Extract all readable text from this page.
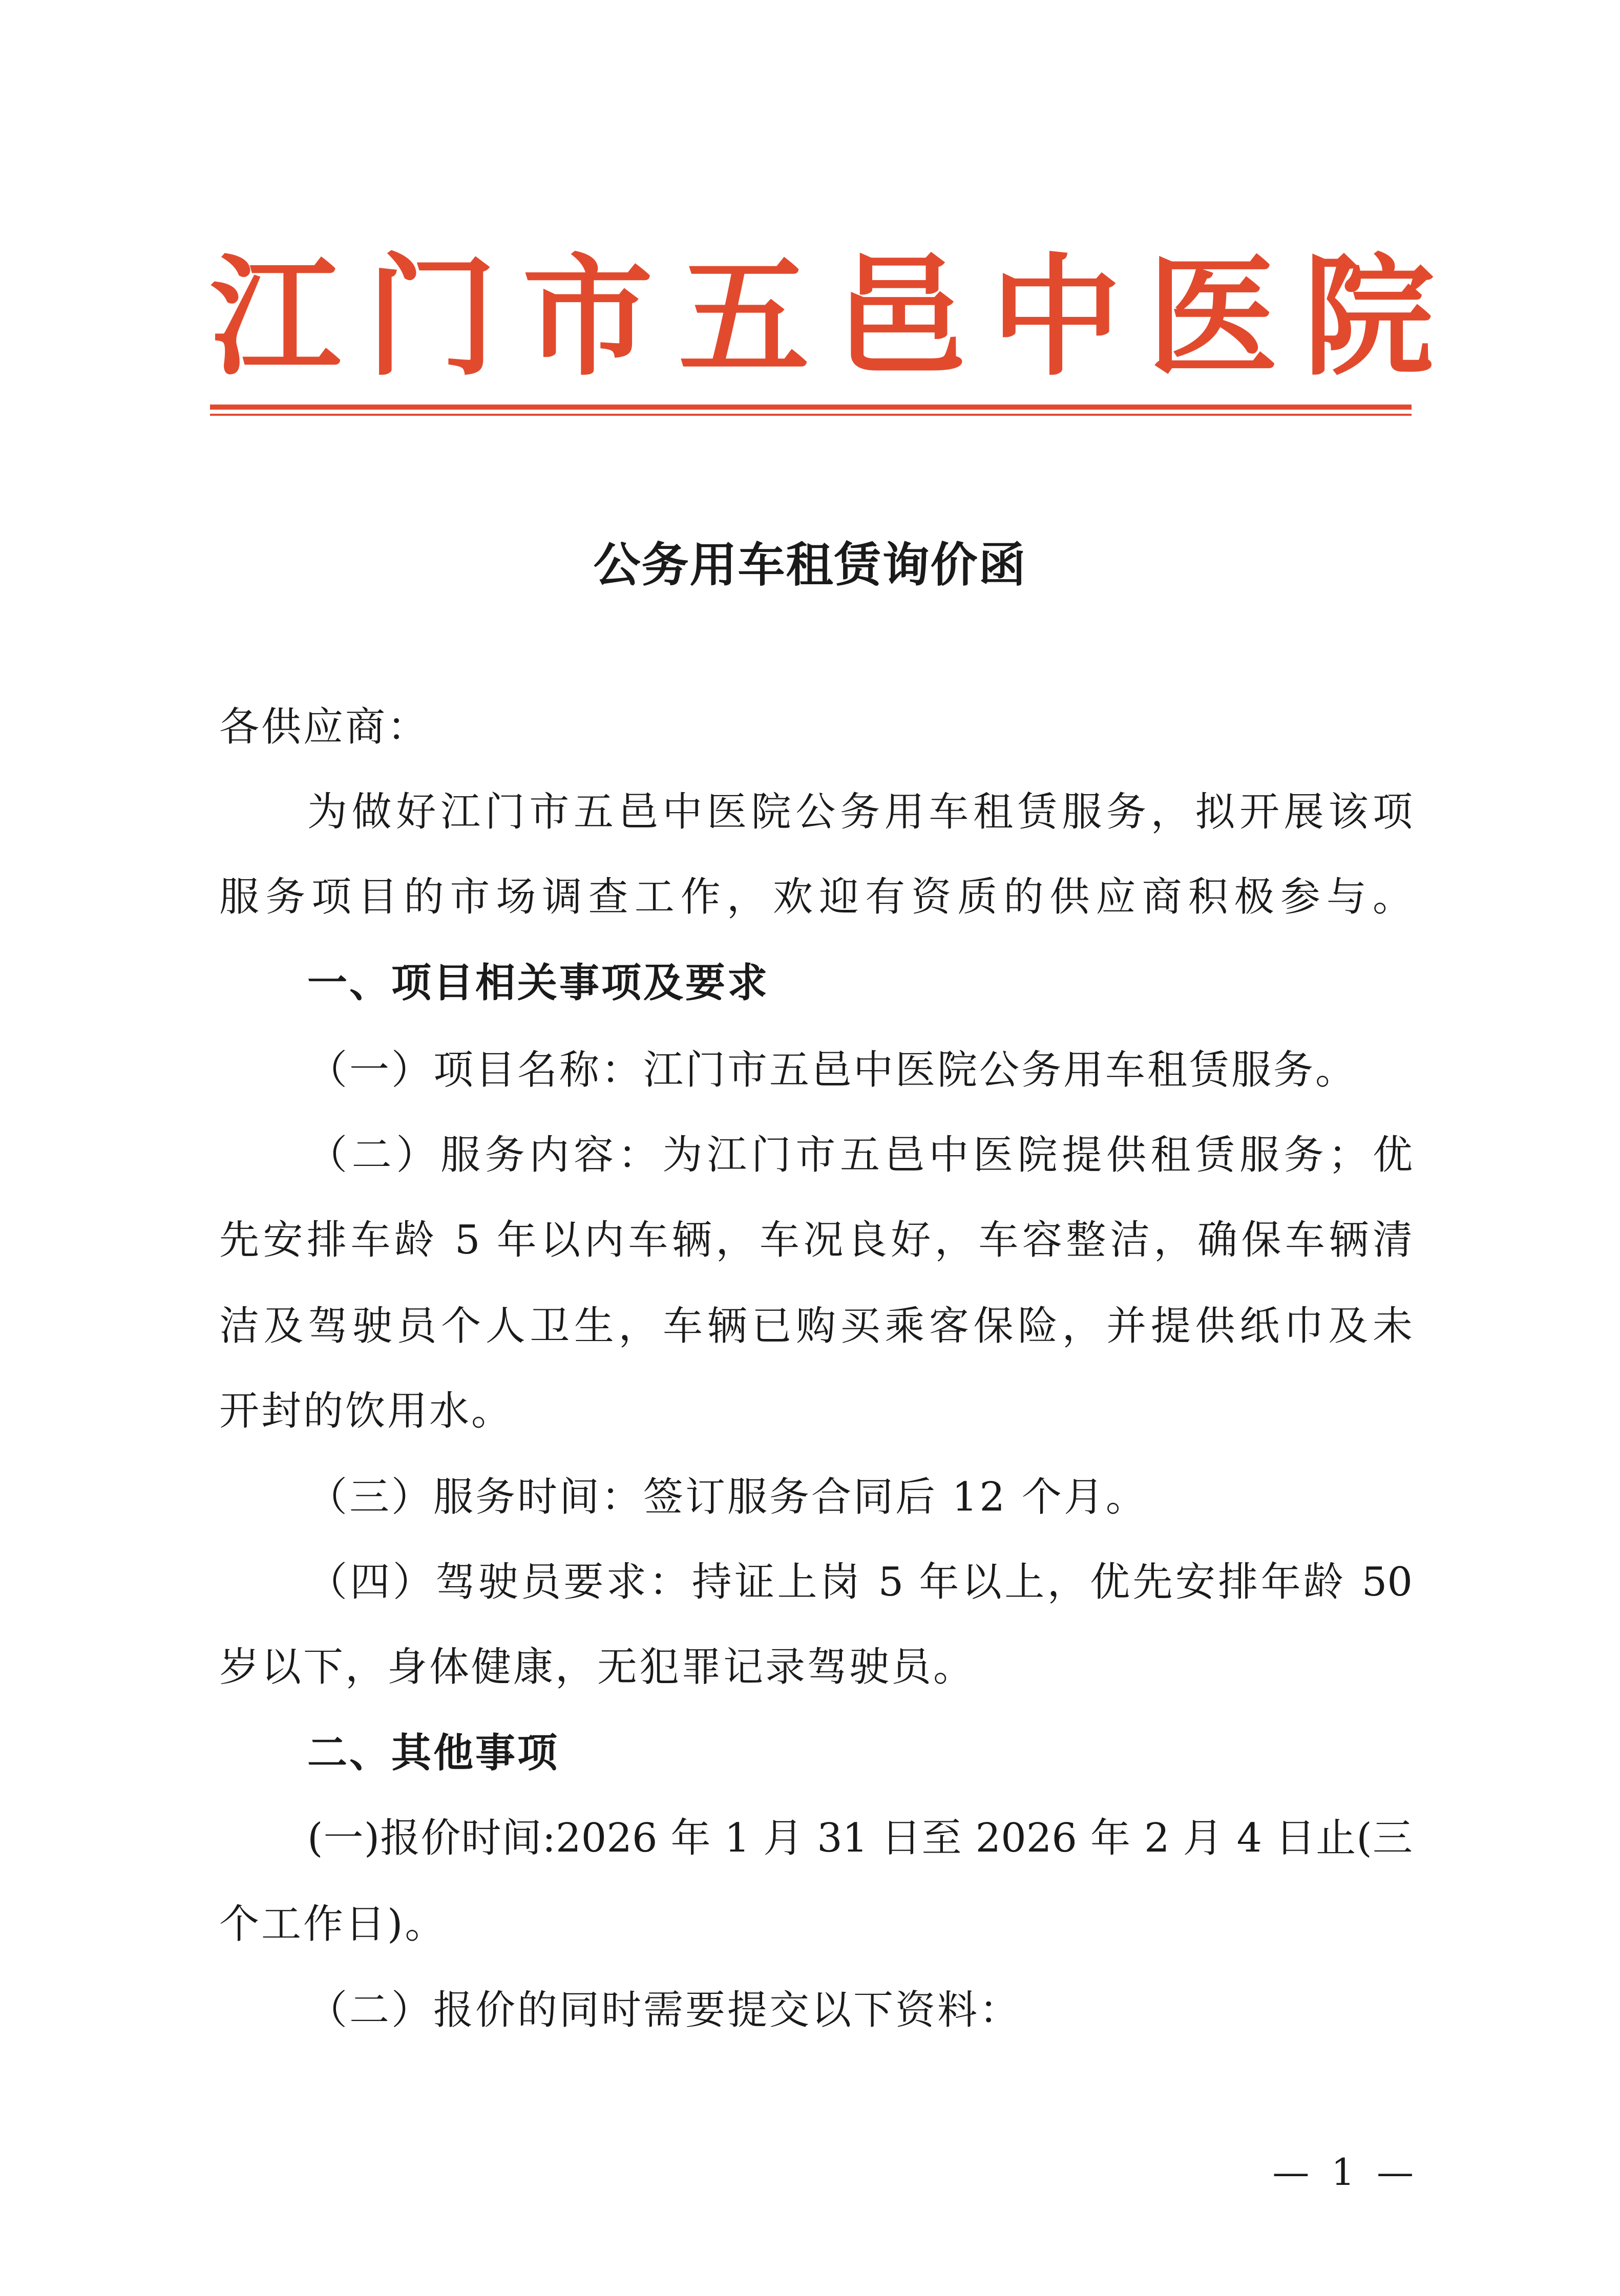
江 门 市 五 邑 中 医 院
公务用车租赁询价函
各供应商：
为做好江门市五邑中医院公务用车租赁服务，拟开展该项
服务项目的市场调查工作，欢迎有资质的供应商积极参与。
一、项目相关事项及要求
（一）项目名称：江门市五邑中医院公务用车租赁服务。
（二）服务内容：为江门市五邑中医院提供租赁服务；优
先安排车龄 5 年以内车辆，车况良好，车容整洁，确保车辆清
洁及驾驶员个人卫生，车辆已购买乘客保险，并提供纸巾及未
开封的饮用水。
（三）服务时间：签订服务合同后 12 个月。
（四）驾驶员要求：持证上岗 5 年以上，优先安排年龄 50
岁以下，身体健康，无犯罪记录驾驶员。
二、其他事项
(一)报价时间:2026 年 1 月 31 日至 2026 年 2 月 4 日止(三
个工作日)。
（二）报价的同时需要提交以下资料：
— 1 —
